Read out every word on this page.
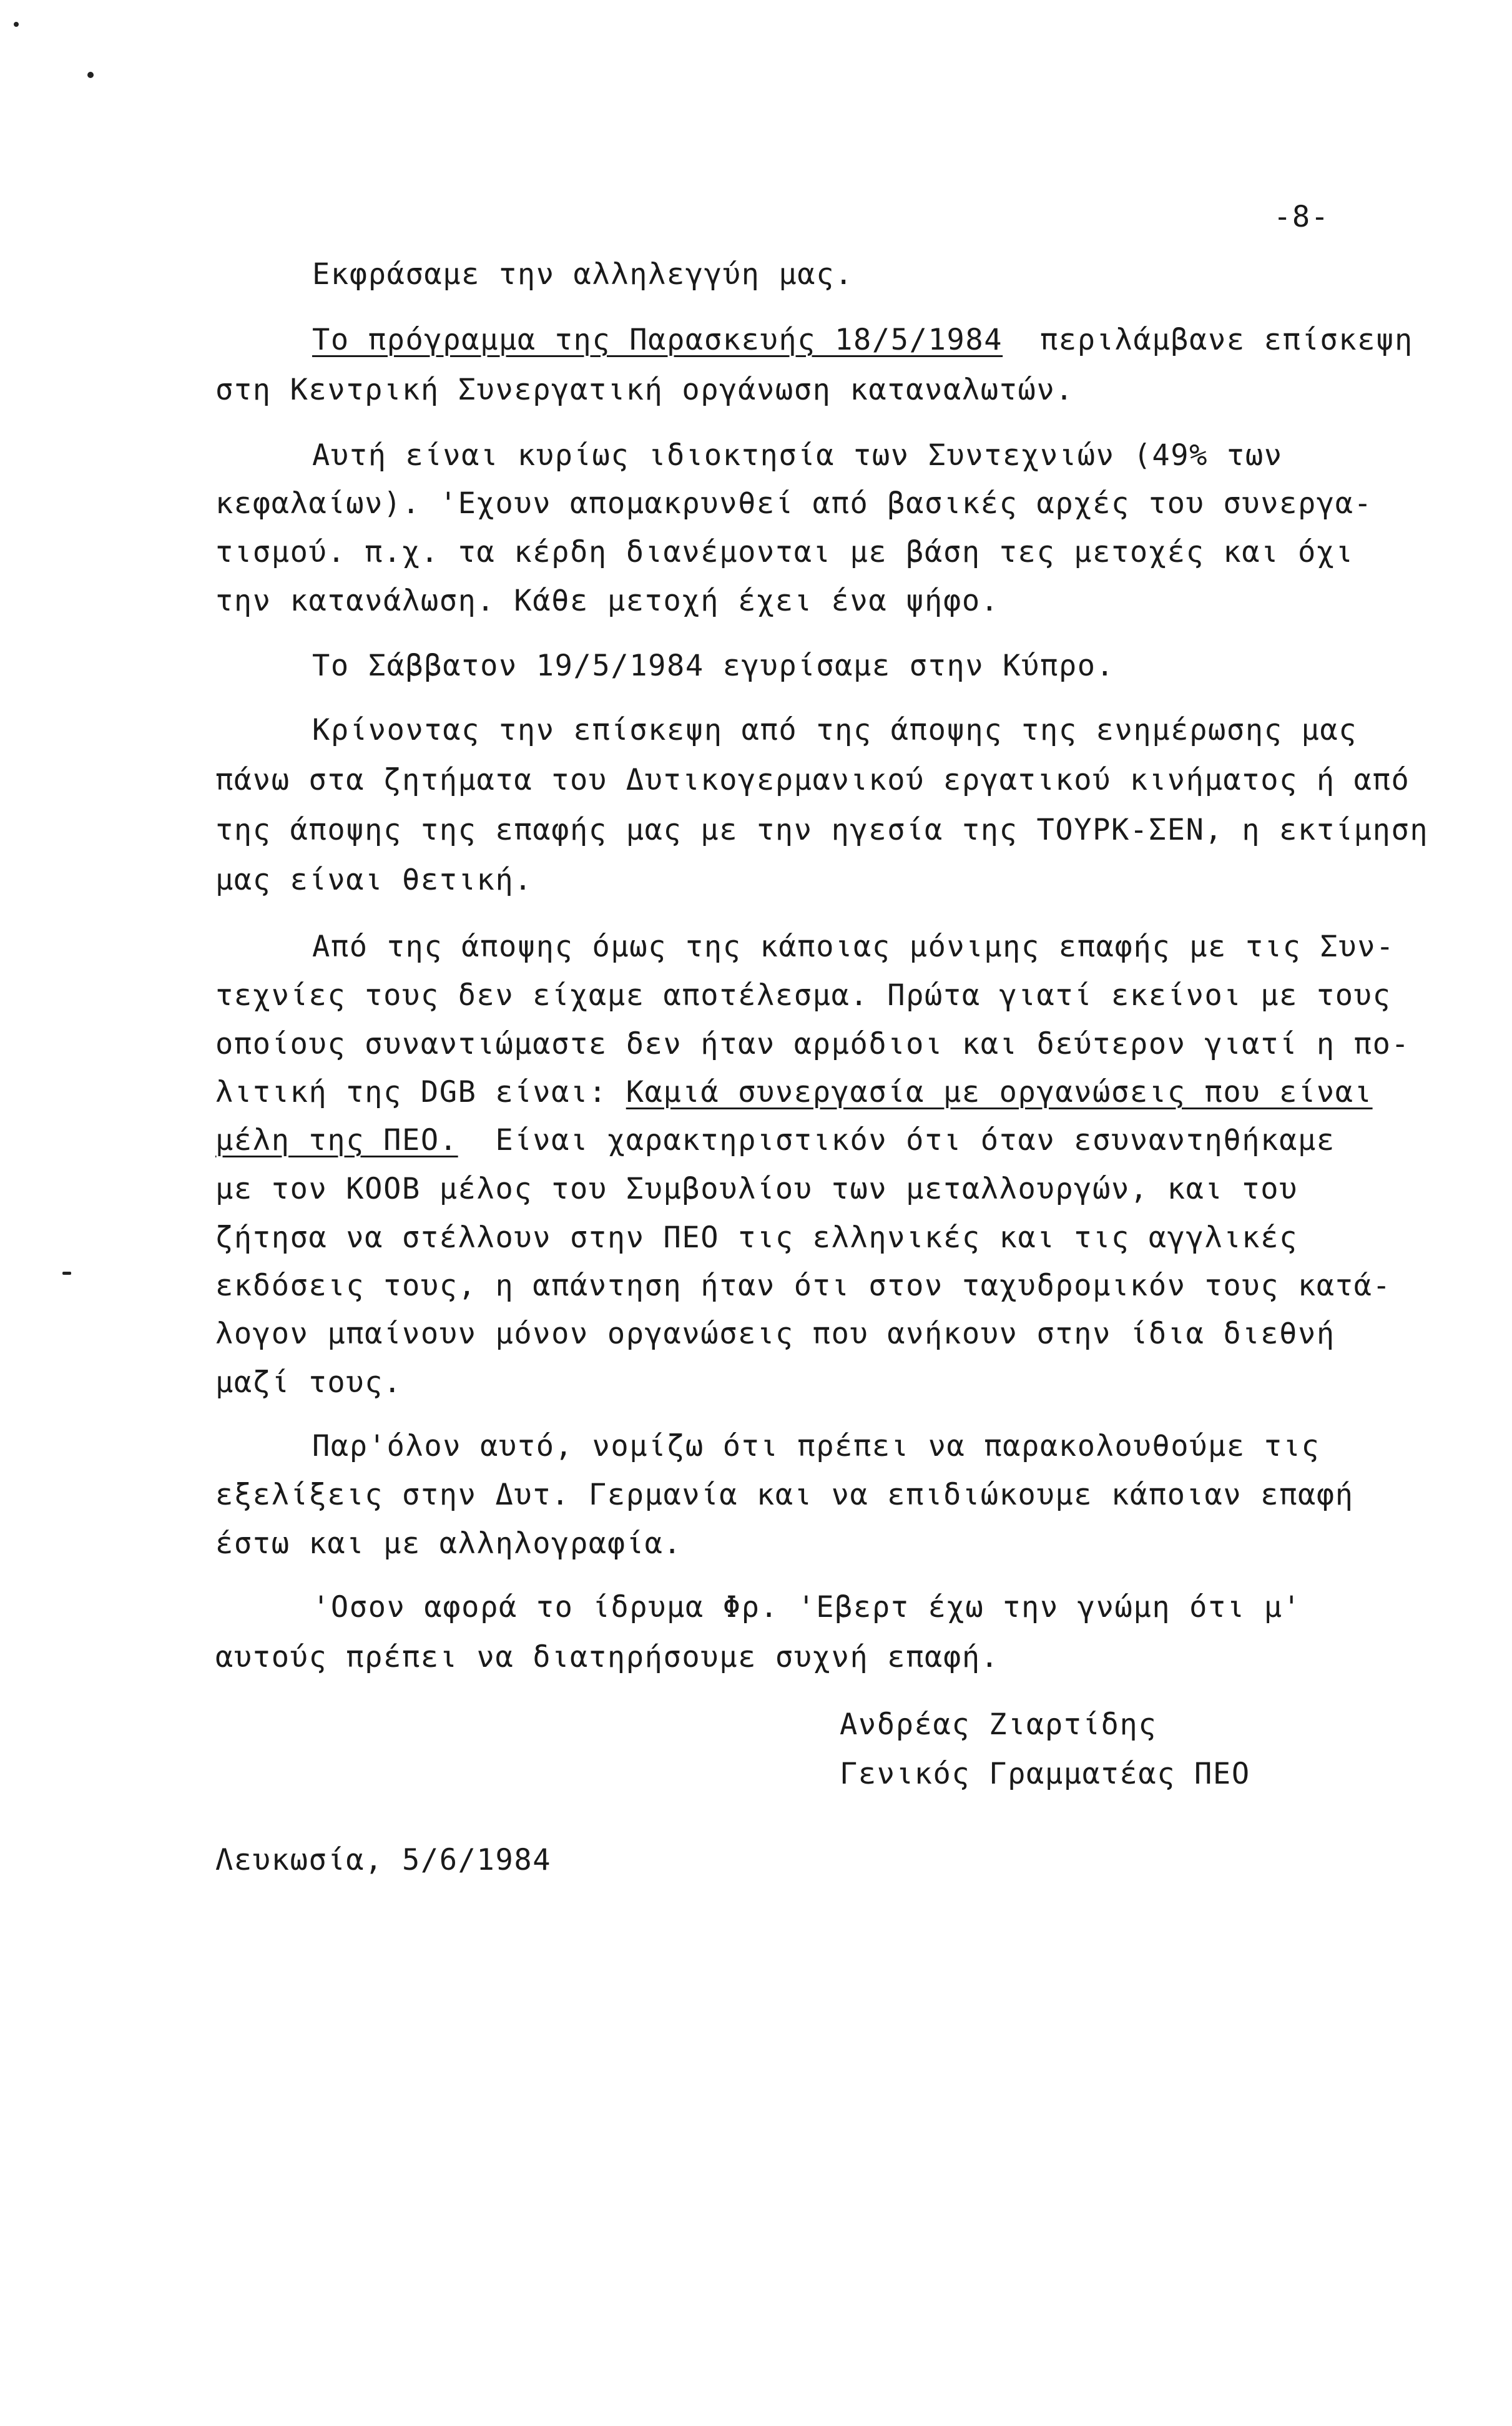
-8-
Εκφράσαμε την αλληλεγγύη μας.
Το πρόγραμμα της Παρασκευής 18/5/1984  περιλάμβανε επίσκεψη
στη Κεντρική Συνεργατική οργάνωση καταναλωτών.
Αυτή είναι κυρίως ιδιοκτησία των Συντεχνιών (49% των
κεφαλαίων). 'Εχουν απομακρυνθεί από βασικές αρχές του συνεργα-
τισμού. π.χ. τα κέρδη διανέμονται με βάση τες μετοχές και όχι
την κατανάλωση. Κάθε μετοχή έχει ένα ψήφο.
Το Σάββατον 19/5/1984 εγυρίσαμε στην Κύπρο.
Κρίνοντας την επίσκεψη από της άποψης της ενημέρωσης μας
πάνω στα ζητήματα του Δυτικογερμανικού εργατικού κινήματος ή από
της άποψης της επαφής μας με την ηγεσία της ΤΟΥΡΚ-ΣΕΝ, η εκτίμηση
μας είναι θετική.
Από της άποψης όμως της κάποιας μόνιμης επαφής με τις Συν-
τεχνίες τους δεν είχαμε αποτέλεσμα. Πρώτα γιατί εκείνοι με τους
οποίους συναντιώμαστε δεν ήταν αρμόδιοι και δεύτερον γιατί η πο-
λιτική της DGB είναι: Καμιά συνεργασία με οργανώσεις που είναι
μέλη της ΠΕΟ.  Είναι χαρακτηριστικόν ότι όταν εσυναντηθήκαμε
με τον ΚΟΟΒ μέλος του Συμβουλίου των μεταλλουργών, και του
ζήτησα να στέλλουν στην ΠΕΟ τις ελληνικές και τις αγγλικές
εκδόσεις τους, η απάντηση ήταν ότι στον ταχυδρομικόν τους κατά-
λογον μπαίνουν μόνον οργανώσεις που ανήκουν στην ίδια διεθνή
μαζί τους.
Παρ'όλον αυτό, νομίζω ότι πρέπει να παρακολουθούμε τις
εξελίξεις στην Δυτ. Γερμανία και να επιδιώκουμε κάποιαν επαφή
έστω και με αλληλογραφία.
'Οσον αφορά το ίδρυμα Φρ. 'Εβερτ έχω την γνώμη ότι μ'
αυτούς πρέπει να διατηρήσουμε συχνή επαφή.
Ανδρέας Ζιαρτίδης
Γενικός Γραμματέας ΠΕΟ
Λευκωσία, 5/6/1984
